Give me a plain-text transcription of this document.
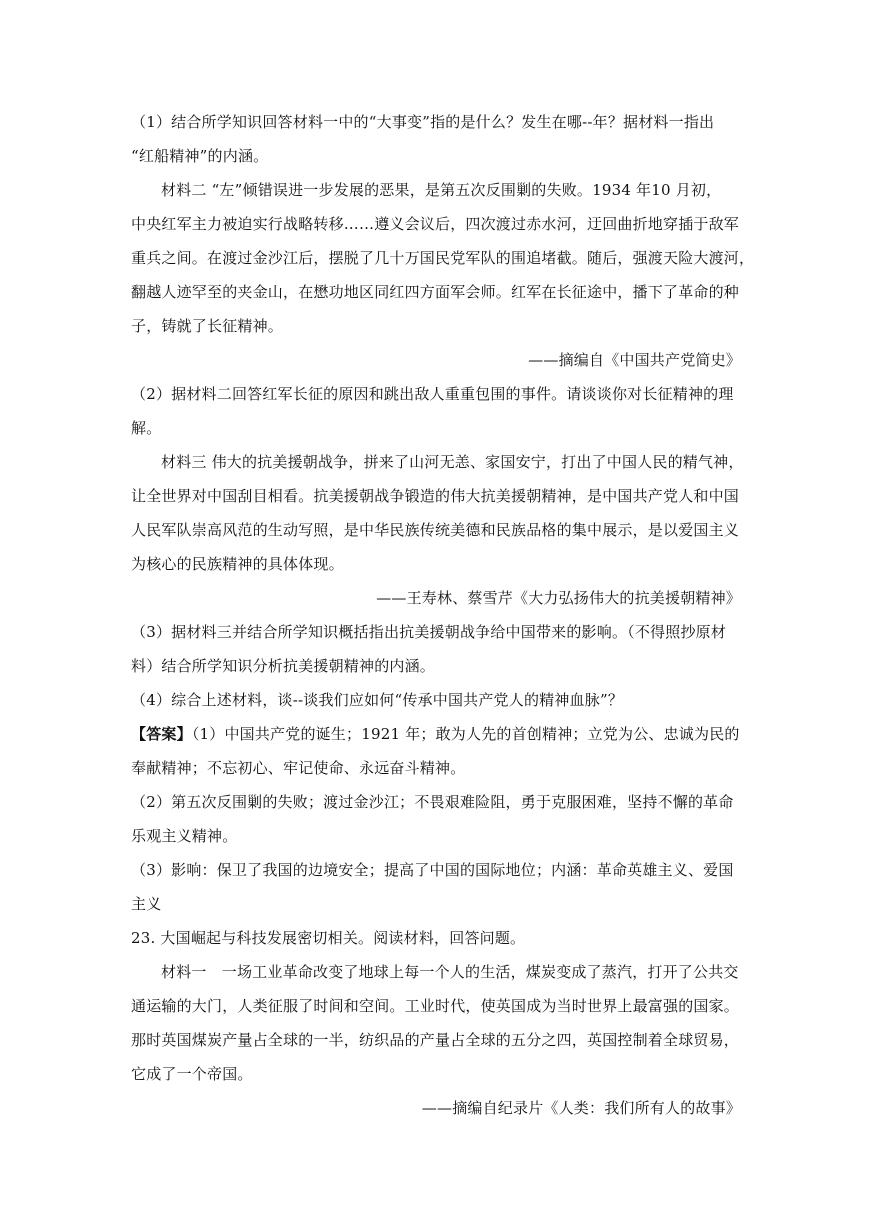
（1）结合所学知识回答材料一中的“大事变”指的是什么？发生在哪--年？据材料一指出
“红船精神”的内涵。
材料二 “左”倾错误进一步发展的恶果，是第五次反围剿的失败。1934 年10 月初，
中央红军主力被迫实行战略转移……遵义会议后，四次渡过赤水河，迂回曲折地穿插于敌军
重兵之间。在渡过金沙江后，摆脱了几十万国民党军队的围追堵截。随后，强渡天险大渡河，
翻越人迹罕至的夹金山，在懋功地区同红四方面军会师。红军在长征途中，播下了革命的种
子，铸就了长征精神。
——摘编自《中国共产党简史》
（2）据材料二回答红军长征的原因和跳出敌人重重包围的事件。请谈谈你对长征精神的理
解。
材料三 伟大的抗美援朝战争，拼来了山河无恙、家国安宁，打出了中国人民的精气神，
让全世界对中国刮目相看。抗美援朝战争锻造的伟大抗美援朝精神，是中国共产党人和中国
人民军队崇高风范的生动写照，是中华民族传统美德和民族品格的集中展示，是以爱国主义
为核心的民族精神的具体体现。
——王寿林、蔡雪芹《大力弘扬伟大的抗美援朝精神》
（3）据材料三并结合所学知识概括指出抗美援朝战争给中国带来的影响。（不得照抄原材
料）结合所学知识分析抗美援朝精神的内涵。
（4）综合上述材料，谈--谈我们应如何“传承中国共产党人的精神血脉”？
【答案】（1）中国共产党的诞生；1921 年；敢为人先的首创精神；立党为公、忠诚为民的
奉献精神；不忘初心、牢记使命、永远奋斗精神。
（2）第五次反围剿的失败；渡过金沙江；不畏艰难险阻，勇于克服困难，坚持不懈的革命
乐观主义精神。
（3）影响：保卫了我国的边境安全；提高了中国的国际地位；内涵：革命英雄主义、爱国
主义
23. 大国崛起与科技发展密切相关。阅读材料，回答问题。
材料一　一场工业革命改变了地球上每一个人的生活，煤炭变成了蒸汽，打开了公共交
通运输的大门，人类征服了时间和空间。工业时代，使英国成为当时世界上最富强的国家。
那时英国煤炭产量占全球的一半，纺织品的产量占全球的五分之四，英国控制着全球贸易，
它成了一个帝国。
——摘编自纪录片《人类：我们所有人的故事》
